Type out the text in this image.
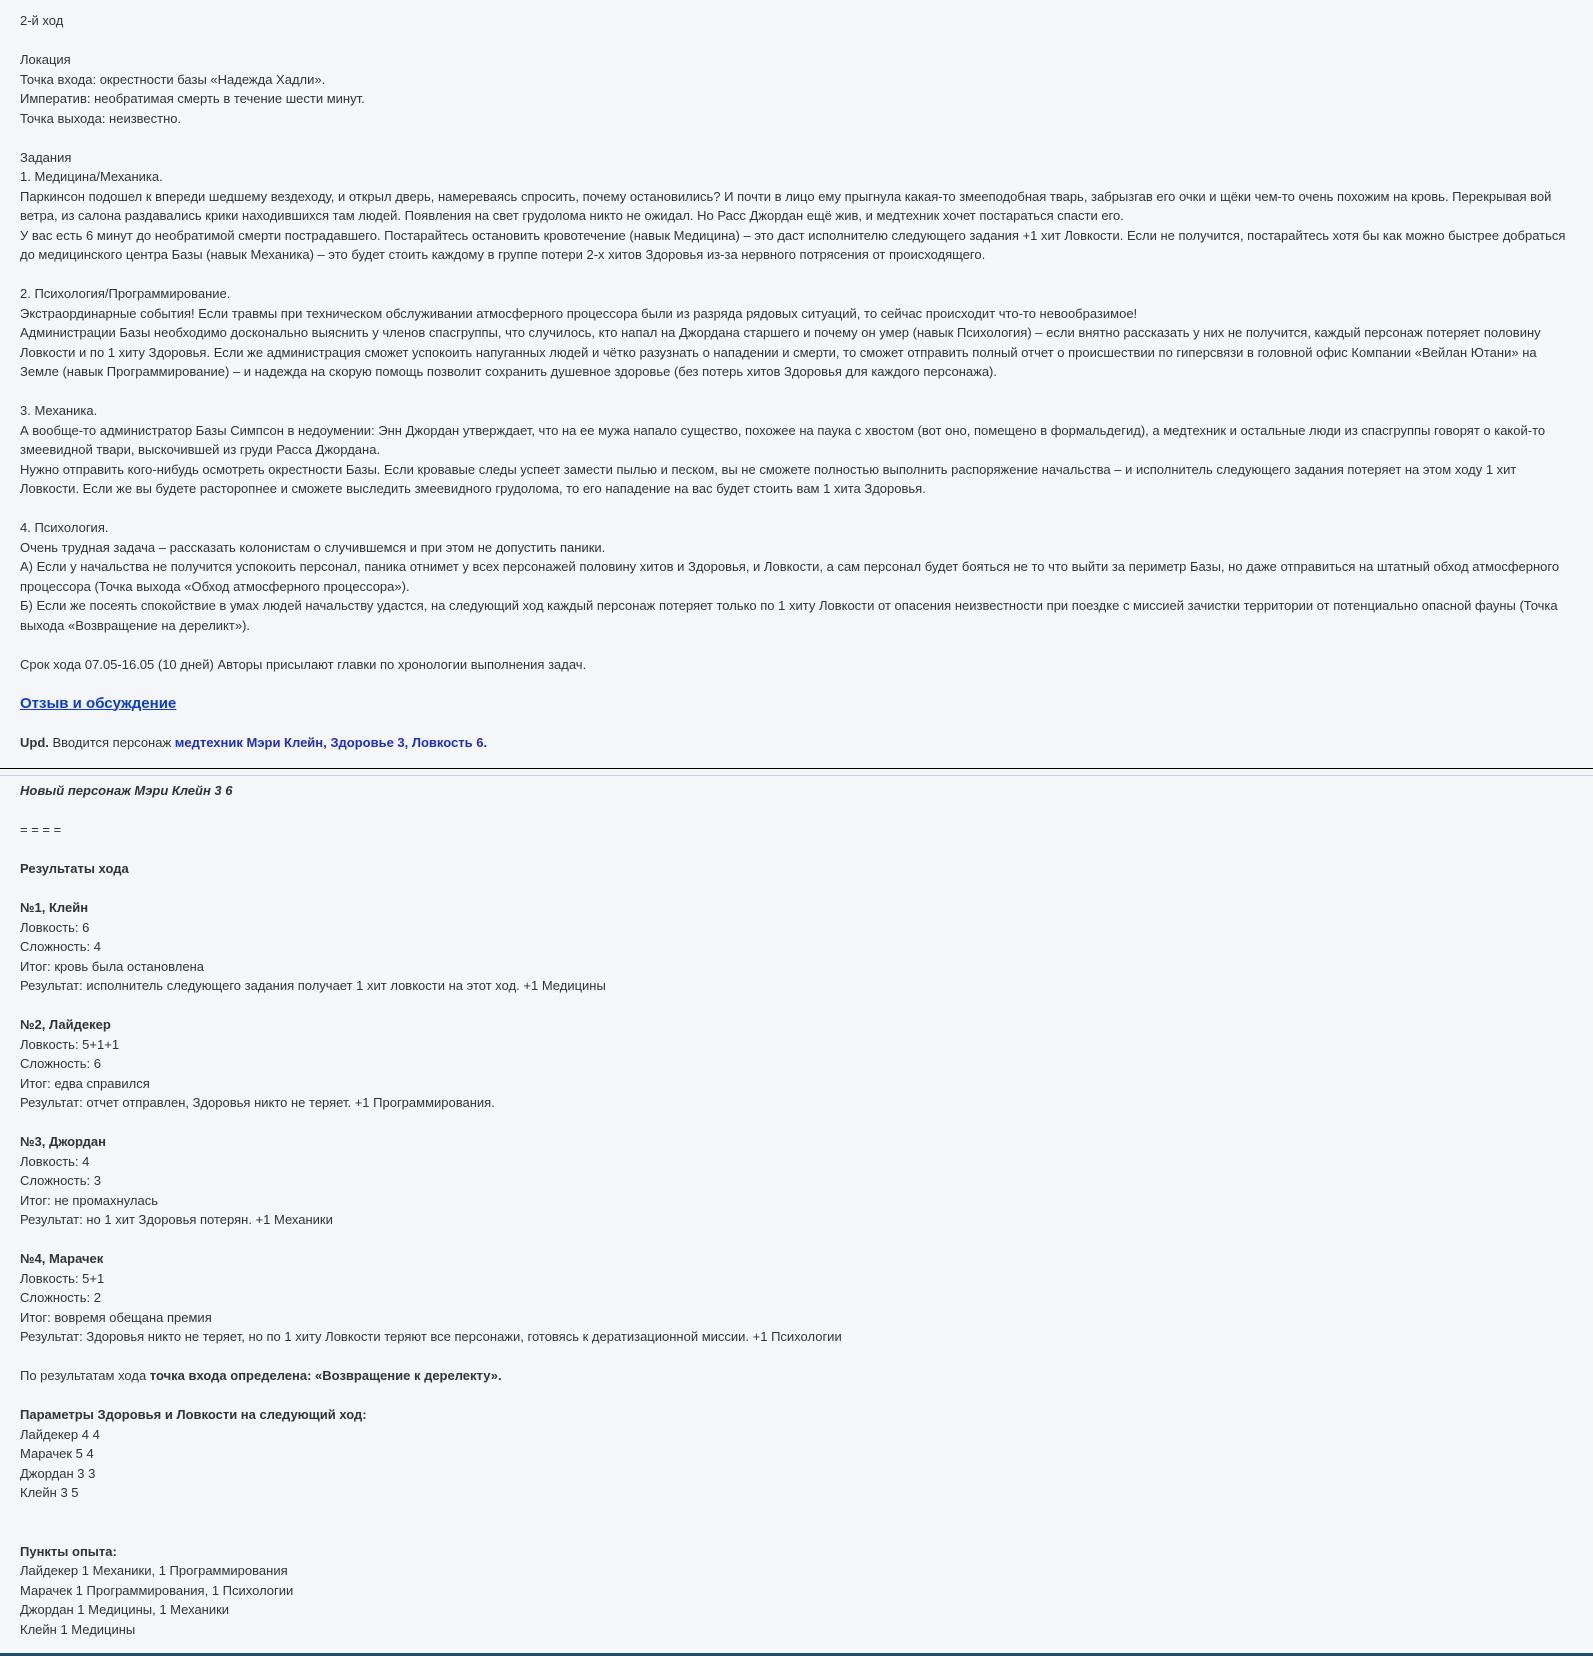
2-й ход
Локация
Точка входа: окрестности базы «Надежда Хадли».
Императив: необратимая смерть в течение шести минут.
Точка выхода: неизвестно.
Задания
1. Медицина/Механика.
Паркинсон подошел к впереди шедшему вездеходу, и открыл дверь, намереваясь спросить, почему остановились? И почти в лицо ему прыгнула какая-то змееподобная тварь, забрызгав его очки и щёки чем-то очень похожим на кровь. Перекрывая вой ветра, из салона раздавались крики находившихся там людей. Появления на свет грудолома никто не ожидал. Но Расс Джордан ещё жив, и медтехник хочет постараться спасти его.
У вас есть 6 минут до необратимой смерти пострадавшего. Постарайтесь остановить кровотечение (навык Медицина) – это даст исполнителю следующего задания +1 хит Ловкости. Если не получится, постарайтесь хотя бы как можно быстрее добраться до медицинского центра Базы (навык Механика) – это будет стоить каждому в группе потери 2-х хитов Здоровья из-за нервного потрясения от происходящего.
2. Психология/Программирование.
Экстраординарные события! Если травмы при техническом обслуживании атмосферного процессора были из разряда рядовых ситуаций, то сейчас происходит что-то невообразимое!
Администрации Базы необходимо досконально выяснить у членов спасгруппы, что случилось, кто напал на Джордана старшего и почему он умер (навык Психология) – если внятно рассказать у них не получится, каждый персонаж потеряет половину Ловкости и по 1 хиту Здоровья. Если же администрация сможет успокоить напуганных людей и чётко разузнать о нападении и смерти, то сможет отправить полный отчет о происшествии по гиперсвязи в головной офис Компании «Вейлан Ютани» на Земле (навык Программирование) – и надежда на скорую помощь позволит сохранить душевное здоровье (без потерь хитов Здоровья для каждого персонажа).
3. Механика.
А вообще-то администратор Базы Симпсон в недоумении: Энн Джордан утверждает, что на ее мужа напало существо, похожее на паука с хвостом (вот оно, помещено в формальдегид), а медтехник и остальные люди из спасгруппы говорят о какой-то змеевидной твари, выскочившей из груди Расса Джордана.
Нужно отправить кого-нибудь осмотреть окрестности Базы. Если кровавые следы успеет замести пылью и песком, вы не сможете полностью выполнить распоряжение начальства – и исполнитель следующего задания потеряет на этом ходу 1 хит Ловкости. Если же вы будете расторопнее и сможете выследить змеевидного грудолома, то его нападение на вас будет стоить вам 1 хита Здоровья.
4. Психология.
Очень трудная задача – рассказать колонистам о случившемся и при этом не допустить паники.
А) Если у начальства не получится успокоить персонал, паника отнимет у всех персонажей половину хитов и Здоровья, и Ловкости, а сам персонал будет бояться не то что выйти за периметр Базы, но даже отправиться на штатный обход атмосферного процессора (Точка выхода «Обход атмосферного процессора»).
Б) Если же посеять спокойствие в умах людей начальству удастся, на следующий ход каждый персонаж потеряет только по 1 хиту Ловкости от опасения неизвестности при поездке с миссией зачистки территории от потенциально опасной фауны (Точка выхода «Возвращение на дереликт»).
Срок хода 07.05-16.05 (10 дней) Авторы присылают главки по хронологии выполнения задач.
Отзыв и обсуждение
Upd. Вводится персонаж медтехник Мэри Клейн, Здоровье 3, Ловкость 6.
Новый персонаж Мэри Клейн 3 6
= = = =
Результаты хода
№1, Клейн
Ловкость: 6
Сложность: 4
Итог: кровь была остановлена
Результат: исполнитель следующего задания получает 1 хит ловкости на этот ход. +1 Медицины
№2, Лайдекер
Ловкость: 5+1+1
Сложность: 6
Итог: едва справился
Результат: отчет отправлен, Здоровья никто не теряет. +1 Программирования.
№3, Джордан
Ловкость: 4
Сложность: 3
Итог: не промахнулась
Результат: но 1 хит Здоровья потерян. +1 Механики
№4, Марачек
Ловкость: 5+1
Сложность: 2
Итог: вовремя обещана премия
Результат: Здоровья никто не теряет, но по 1 хиту Ловкости теряют все персонажи, готовясь к дератизационной миссии. +1 Психологии
По результатам хода точка входа определена: «Возвращение к дерелекту».
Параметры Здоровья и Ловкости на следующий ход:
Лайдекер 4 4
Марачек 5 4
Джордан 3 3
Клейн 3 5
Пункты опыта:
Лайдекер 1 Механики, 1 Программирования
Марачек 1 Программирования, 1 Психологии
Джордан 1 Медицины, 1 Механики
Клейн 1 Медицины
